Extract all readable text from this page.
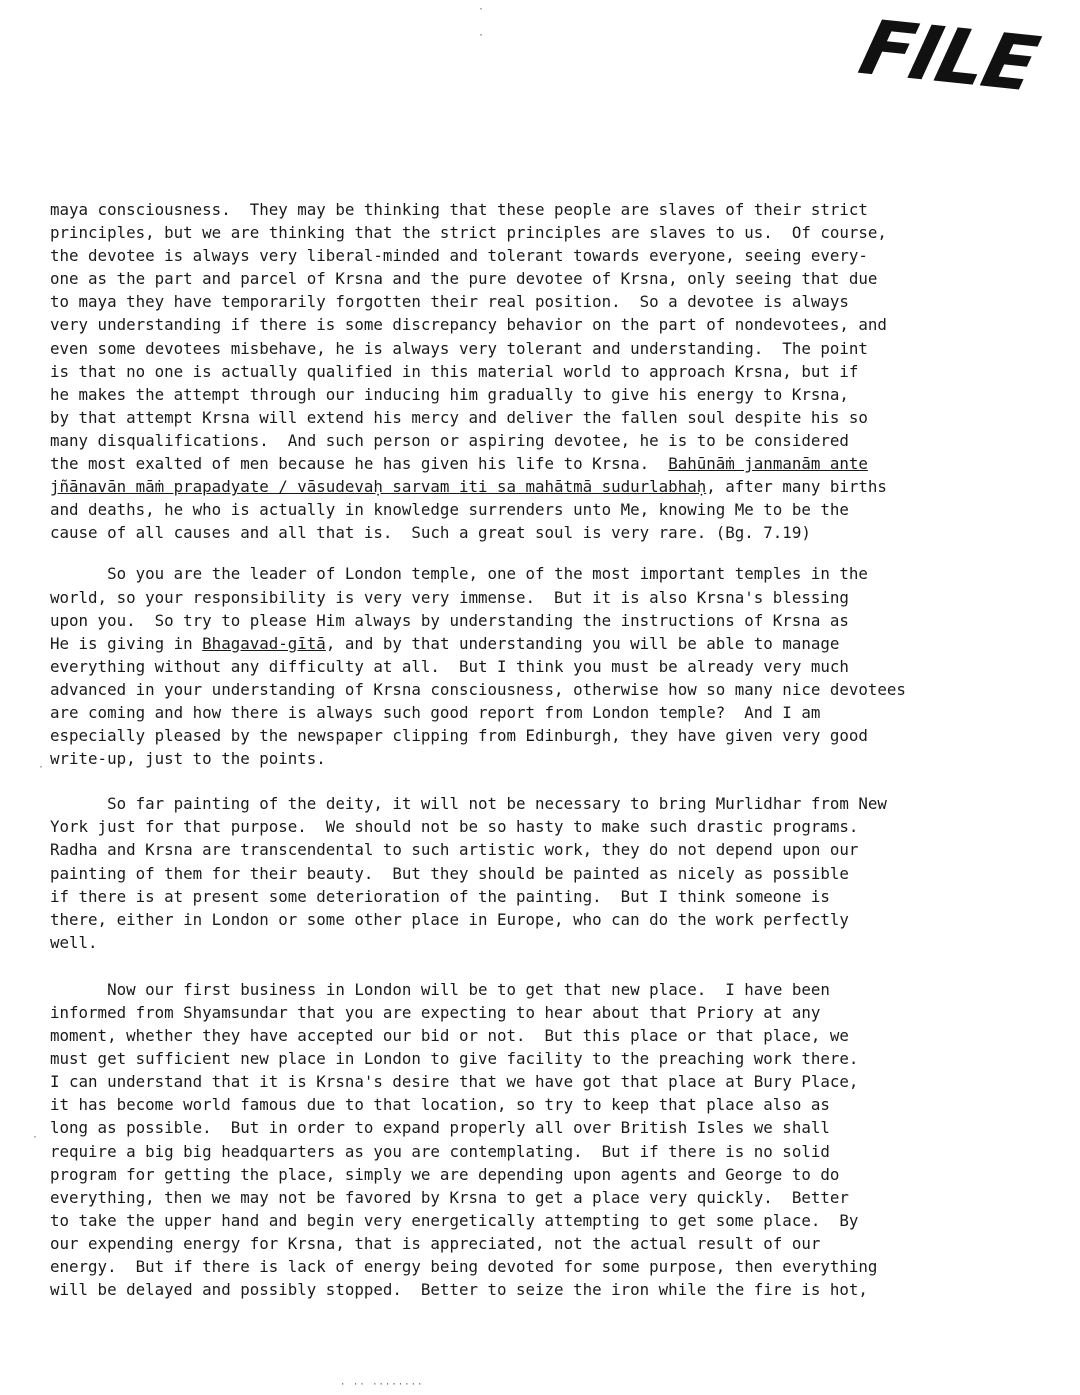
FILE
·
·
·
·
maya consciousness.  They may be thinking that these people are slaves of their strict
principles, but we are thinking that the strict principles are slaves to us.  Of course,
the devotee is always very liberal-minded and tolerant towards everyone, seeing every-
one as the part and parcel of Krsna and the pure devotee of Krsna, only seeing that due
to maya they have temporarily forgotten their real position.  So a devotee is always
very understanding if there is some discrepancy behavior on the part of nondevotees, and
even some devotees misbehave, he is always very tolerant and understanding.  The point
is that no one is actually qualified in this material world to approach Krsna, but if
he makes the attempt through our inducing him gradually to give his energy to Krsna,
by that attempt Krsna will extend his mercy and deliver the fallen soul despite his so
many disqualifications.  And such person or aspiring devotee, he is to be considered
the most exalted of men because he has given his life to Krsna. Bahūnāṁ janmanām ante
jñānavān māṁ prapadyate / vāsudevaḥ sarvam iti sa mahātmā sudurlabhaḥ, after many births
and deaths, he who is actually in knowledge surrenders unto Me, knowing Me to be the
cause of all causes and all that is.  Such a great soul is very rare. (Bg. 7.19)
So you are the leader of London temple, one of the most important temples in the
world, so your responsibility is very very immense.  But it is also Krsna's blessing
upon you.  So try to please Him always by understanding the instructions of Krsna as
He is giving in Bhagavad-gītā, and by that understanding you will be able to manage
everything without any difficulty at all.  But I think you must be already very much
advanced in your understanding of Krsna consciousness, otherwise how so many nice devotees
are coming and how there is always such good report from London temple?  And I am
especially pleased by the newspaper clipping from Edinburgh, they have given very good
write-up, just to the points.
So far painting of the deity, it will not be necessary to bring Murlidhar from New
York just for that purpose.  We should not be so hasty to make such drastic programs.
Radha and Krsna are transcendental to such artistic work, they do not depend upon our
painting of them for their beauty.  But they should be painted as nicely as possible
if there is at present some deterioration of the painting.  But I think someone is
there, either in London or some other place in Europe, who can do the work perfectly
well.
Now our first business in London will be to get that new place.  I have been
informed from Shyamsundar that you are expecting to hear about that Priory at any
moment, whether they have accepted our bid or not.  But this place or that place, we
must get sufficient new place in London to give facility to the preaching work there.
I can understand that it is Krsna's desire that we have got that place at Bury Place,
it has become world famous due to that location, so try to keep that place also as
long as possible.  But in order to expand properly all over British Isles we shall
require a big big headquarters as you are contemplating.  But if there is no solid
program for getting the place, simply we are depending upon agents and George to do
everything, then we may not be favored by Krsna to get a place very quickly.  Better
to take the upper hand and begin very energetically attempting to get some place.  By
our expending energy for Krsna, that is appreciated, not the actual result of our
energy.  But if there is lack of energy being devoted for some purpose, then everything
will be delayed and possibly stopped.  Better to seize the iron while the fire is hot,
· ·· ········
